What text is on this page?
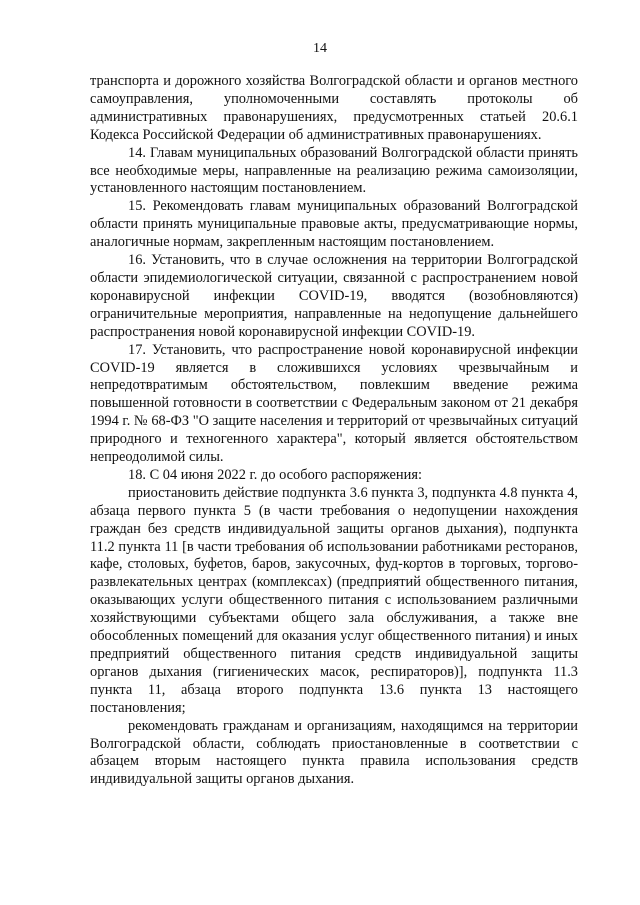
14

транспорта и дорожного хозяйства Волгоградской области и органов местного самоуправления, уполномоченными составлять протоколы об административных правонарушениях, предусмотренных статьей 20.6.1 Кодекса Российской Федерации об административных правонарушениях.

14. Главам муниципальных образований Волгоградской области принять все необходимые меры, направленные на реализацию режима самоизоляции, установленного настоящим постановлением.

15. Рекомендовать главам муниципальных образований Волгоградской области принять муниципальные правовые акты, предусматривающие нормы, аналогичные нормам, закрепленным настоящим постановлением.

16. Установить, что в случае осложнения на территории Волгоградской области эпидемиологической ситуации, связанной с распространением новой коронавирусной инфекции COVID-19, вводятся (возобновляются) ограничительные мероприятия, направленные на недопущение дальнейшего распространения новой коронавирусной инфекции COVID-19.

17. Установить, что распространение новой коронавирусной инфекции COVID-19 является в сложившихся условиях чрезвычайным и непредотвратимым обстоятельством, повлекшим введение режима повышенной готовности в соответствии с Федеральным законом от 21 декабря 1994 г. № 68-ФЗ "О защите населения и территорий от чрезвычайных ситуаций природного и техногенного характера", который является обстоятельством непреодолимой силы.

18. С 04 июня 2022 г. до особого распоряжения:

приостановить действие подпункта 3.6 пункта 3, подпункта 4.8 пункта 4, абзаца первого пункта 5 (в части требования о недопущении нахождения граждан без средств индивидуальной защиты органов дыхания), подпункта 11.2 пункта 11 [в части требования об использовании работниками ресторанов, кафе, столовых, буфетов, баров, закусочных, фуд-кортов в торговых, торгово-развлекательных центрах (комплексах) (предприятий общественного питания, оказывающих услуги общественного питания с использованием различными хозяйствующими субъектами общего зала обслуживания, а также вне обособленных помещений для оказания услуг общественного питания) и иных предприятий общественного питания средств индивидуальной защиты органов дыхания (гигиенических масок, респираторов)], подпункта 11.3 пункта 11, абзаца второго подпункта 13.6 пункта 13 настоящего постановления;

рекомендовать гражданам и организациям, находящимся на территории Волгоградской области, соблюдать приостановленные в соответствии с абзацем вторым настоящего пункта правила использования средств индивидуальной защиты органов дыхания.
